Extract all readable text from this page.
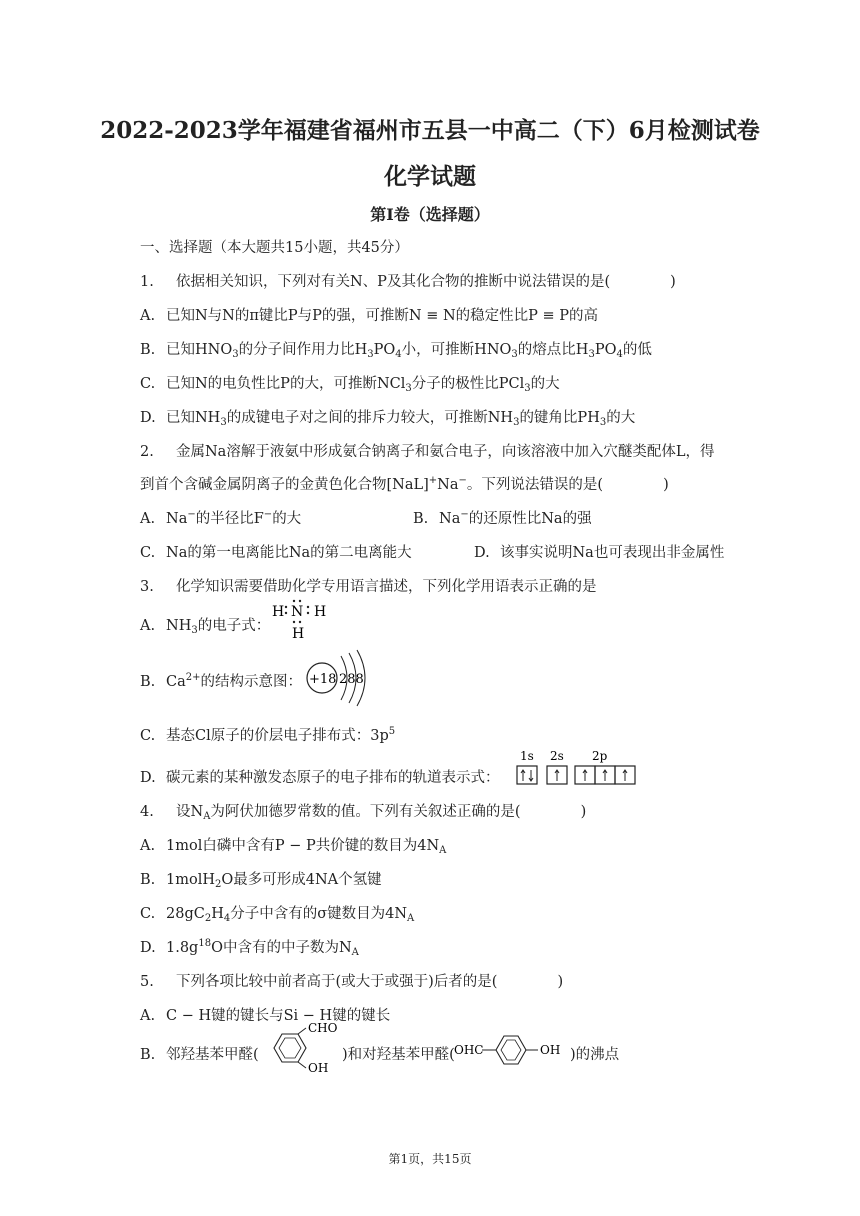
2022-2023学年福建省福州市五县一中高二（下）6月检测试卷
化学试题
第I卷（选择题）
一、选择题（本大题共15小题，共45分）
1. 依据相关知识，下列对有关N、P及其化合物的推断中说法错误的是(	)
A. 已知N与N的π键比P与P的强，可推断N ≡ N的稳定性比P ≡ P的高
B. 已知$HNO_3$的分子间作用力比$H_3PO_4$小，可推断$HNO_3$的熔点比$H_3PO_4$的低
C. 已知N的电负性比P的大，可推断NCl$_3$分子的极性比PCl$_3$的大
D. 已知$NH_3$的成键电子对之间的排斥力较大，可推断$NH_3$的键角比$PH_3$的大
2. 金属Na溶解于液氨中形成氨合钠离子和氨合电子，向该溶液中加入穴醚类配体L，得
到首个含碱金属阴离子的金黄色化合物[NaL]+Na−。下列说法错误的是(	)
A. Na−的半径比F−的大	B. Na−的还原性比Na的强
C. Na的第一电离能比Na的第二电离能大	D. 该事实说明Na也可表现出非金属性
3. 化学知识需要借助化学专用语言描述，下列化学用语表示正确的是
A. $NH_3$的电子式：
H N H
H
B. $Ca^{2+}$的结构示意图： +18 288
C. 基态Cl原子的价层电子排布式：$3p^5$
D. 碳元素的某种激发态原子的电子排布的轨道表示式：
1s 2s 2p
4. 设$N_A$为阿伏加德罗常数的值。下列有关叙述正确的是(	)
A. 1mol白磷中含有P − P共价键的数目为$4N_A$
B. 1molH$_2$O最多可形成4NA个氢键
C. $28gC_2H_4$分子中含有的σ键数目为$4N_A$
D. $1.8g^{18}O$中含有的中子数为$N_A$
5. 下列各项比较中前者高于(或大于或强于)后者的是(	)
A. C − H键的键长与Si − H键的键长
B. 邻羟基苯甲醛(
CHO
OH
)和对羟基苯甲醛( OHC	OH )的沸点
第1页，共15页
